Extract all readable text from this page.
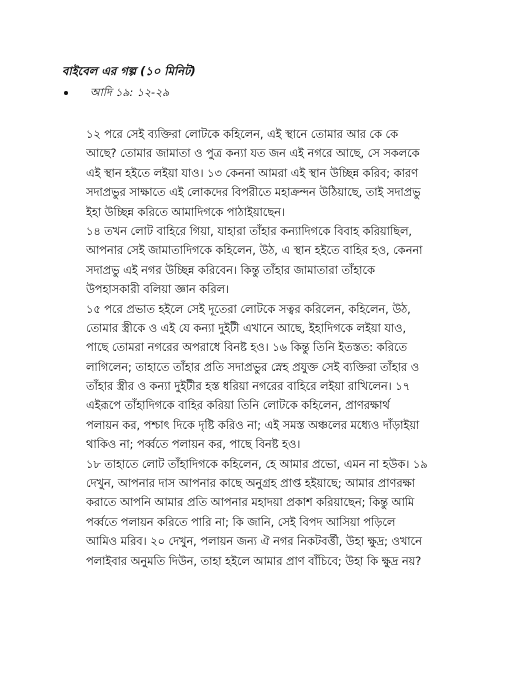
বাইবেল এর গল্প (১০ মিনিট)
আদি ১৯: ১২-২৯
১২ পরে সেই ব্যক্তিরা লোটকে কহিলেন, এই স্থানে তোমার আর কে কে
আছে? তোমার জামাতা ও পুত্র কন্যা যত জন এই নগরে আছে, সে সকলকে
এই স্থান হইতে লইয়া যাও। ১৩ কেননা আমরা এই স্থান উচ্ছিন্ন করিব; কারণ
সদাপ্রভুর সাক্ষাতে এই লোকদের বিপরীতে মহাক্রন্দন উঠিয়াছে, তাই সদাপ্রভু
ইহা উচ্ছিন্ন করিতে আমাদিগকে পাঠাইয়াছেন।
১৪ তখন লোট বাহিরে গিয়া, যাহারা তাঁহার কন্যাদিগকে বিবাহ করিয়াছিল,
আপনার সেই জামাতাদিগকে কহিলেন, উঠ, এ স্থান হইতে বাহির হও, কেননা
সদাপ্রভু এই নগর উচ্ছিন্ন করিবেন। কিন্তু তাঁহার জামাতারা তাঁহাকে
উপহাসকারী বলিয়া জ্ঞান করিল।
১৫ পরে প্রভাত হইলে সেই দূতেরা লোটকে সত্বর করিলেন, কহিলেন, উঠ,
তোমার স্ত্রীকে ও এই যে কন্যা দুইটী এখানে আছে, ইহাদিগকে লইয়া যাও,
পাছে তোমরা নগরের অপরাধে বিনষ্ট হও। ১৬ কিন্তু তিনি ইতস্তত: করিতে
লাগিলেন; তাহাতে তাঁহার প্রতি সদাপ্রভুর স্নেহ প্রযুক্ত সেই ব্যক্তিরা তাঁহার ও
তাঁহার স্ত্রীর ও কন্যা দুইটীর হস্ত ধরিয়া নগরের বাহিরে লইয়া রাখিলেন। ১৭
এইরূপে তাঁহাদিগকে বাহির করিয়া তিনি লোটকে কহিলেন, প্রাণরক্ষার্থ
পলায়ন কর, পশ্চাৎ দিকে দৃষ্টি করিও না; এই সমস্ত অঞ্চলের মধ্যেও দাঁড়াইয়া
থাকিও না; পর্ব্বতে পলায়ন কর, পাছে বিনষ্ট হও।
১৮ তাহাতে লোট তাঁহাদিগকে কহিলেন, হে আমার প্রভো, এমন না হউক। ১৯
দেখুন, আপনার দাস আপনার কাছে অনুগ্রহ প্রাপ্ত হইয়াছে; আমার প্রাণরক্ষা
করাতে আপনি আমার প্রতি আপনার মহাদয়া প্রকাশ করিয়াছেন; কিন্তু আমি
পর্ব্বতে পলায়ন করিতে পারি না; কি জানি, সেই বিপদ আসিয়া পড়িলে
আমিও মরিব। ২০ দেখুন, পলায়ন জন্য ঐ নগর নিকটবর্ত্তী, উহা ক্ষুদ্র; ওখানে
পলাইবার অনুমতি দিউন, তাহা হইলে আমার প্রাণ বাঁচিবে; উহা কি ক্ষুদ্র নয়?
